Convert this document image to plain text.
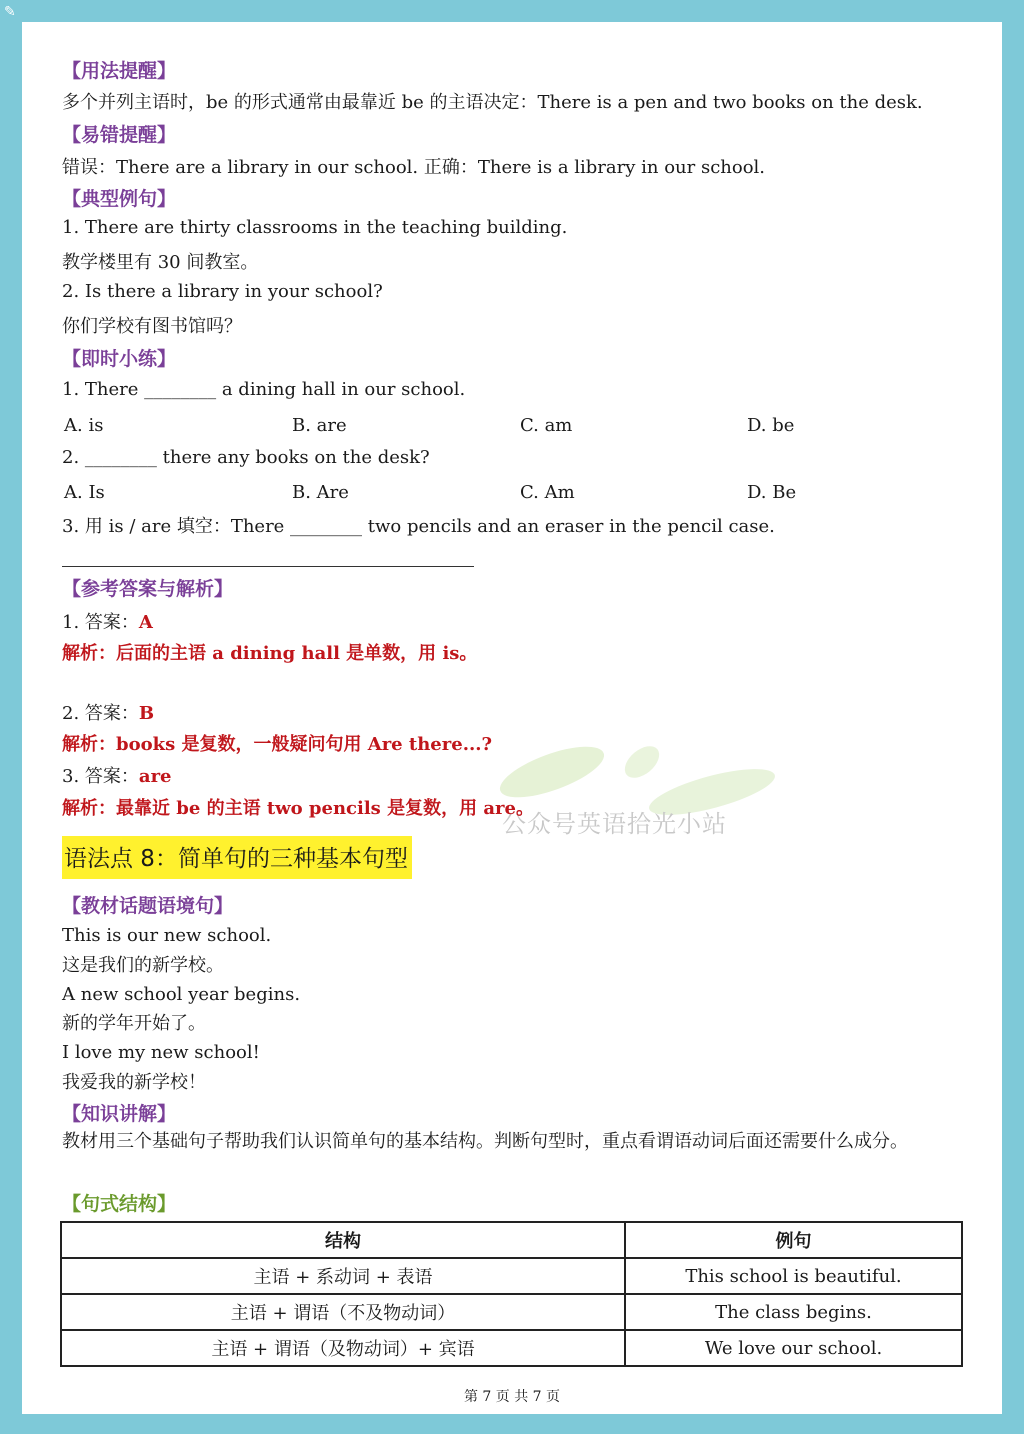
✎
公众号英语拾光小站
【用法提醒】
多个并列主语时，be 的形式通常由最靠近 be 的主语决定：There is a pen and two books on the desk.
【易错提醒】
错误：There are a library in our school. 正确：There is a library in our school.
【典型例句】
1. There are thirty classrooms in the teaching building.
教学楼里有 30 间教室。
2. Is there a library in your school?
你们学校有图书馆吗？
【即时小练】
1. There ________ a dining hall in our school.
A. is	B. are	C. am	D. be
2. ________ there any books on the desk?
A. Is	B. Are	C. Am	D. Be
3. 用 is / are 填空：There ________ two pencils and an eraser in the pencil case.
【参考答案与解析】
1. 答案：A
解析：后面的主语 a dining hall 是单数，用 is。
2. 答案：B
解析：books 是复数，一般疑问句用 Are there...?
3. 答案：are
解析：最靠近 be 的主语 two pencils 是复数，用 are。
语法点 8：简单句的三种基本句型
【教材话题语境句】
This is our new school.
这是我们的新学校。
A new school year begins.
新的学年开始了。
I love my new school!
我爱我的新学校！
【知识讲解】
教材用三个基础句子帮助我们认识简单句的基本结构。判断句型时，重点看谓语动词后面还需要什么成分。
【句式结构】
结构	例句
主语 + 系动词 + 表语	This school is beautiful.
主语 + 谓语（不及物动词）	The class begins.
主语 + 谓语（及物动词）+ 宾语	We love our school.
第 7 页 共 7 页
